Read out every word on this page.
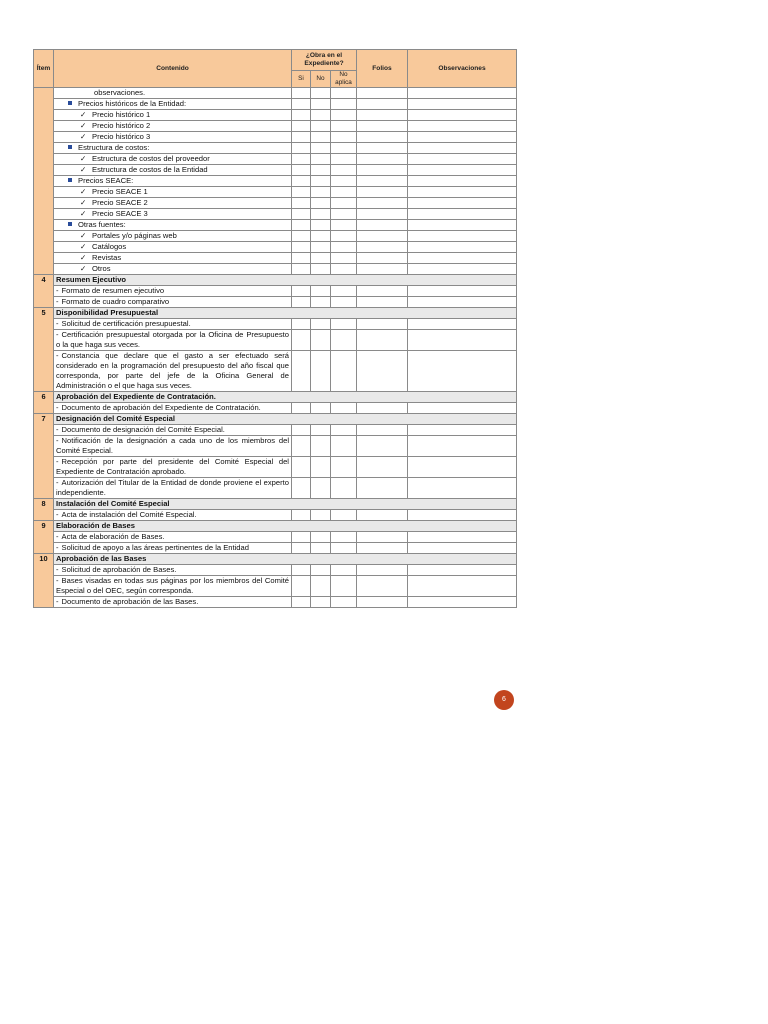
Ítem	Contenido	¿Obra en el Expediente?			Folios	Observaciones
		Si	No	No aplica		

	observaciones.					

	Precios históricos de la Entidad:					

	✓ Precio histórico 1					

	✓ Precio histórico 2					

	✓ Precio histórico 3					

	Estructura de costos:					

	✓ Estructura de costos del proveedor					

	✓ Estructura de costos de la Entidad					

	Precios SEACE:					

	✓ Precio SEACE 1					

	✓ Precio SEACE 2					

	✓ Precio SEACE 3					

	Otras fuentes:					

	✓ Portales y/o páginas web					

	✓ Catálogos					

	✓ Revistas					

	✓ Otros					

4	Resumen Ejecutivo					
	- Formato de resumen ejecutivo					
	- Formato de cuadro comparativo					
5	Disponibilidad Presupuestal					
	- Solicitud de certificación presupuestal.					
	- Certificación presupuestal otorgada por la Oficina de Presupuesto o la que haga sus veces.					
	- Constancia que declare que el gasto a ser efectuado será considerado en la programación del presupuesto del año fiscal que corresponda, por parte del jefe de la Oficina General de Administración o el que haga sus veces.					
6	Aprobación del Expediente de Contratación.					
	- Documento de aprobación del Expediente de Contratación.					
7	Designación del Comité Especial					
	- Documento de designación del Comité Especial.					
	- Notificación de la designación a cada uno de los miembros del Comité Especial.					
	- Recepción por parte del presidente del Comité Especial del Expediente de Contratación aprobado.					
	- Autorización del Titular de la Entidad de donde proviene el experto independiente.					
8	Instalación del Comité Especial					
	- Acta de instalación del Comité Especial.					
9	Elaboración de Bases					
	- Acta de elaboración de Bases.					
	- Solicitud de apoyo a las áreas pertinentes de la Entidad					
10	Aprobación de las Bases					
	- Solicitud de aprobación de Bases.					
	- Bases visadas en todas sus páginas por los miembros del Comité Especial o del OEC, según corresponda.					
	- Documento de aprobación de las Bases.					
6
